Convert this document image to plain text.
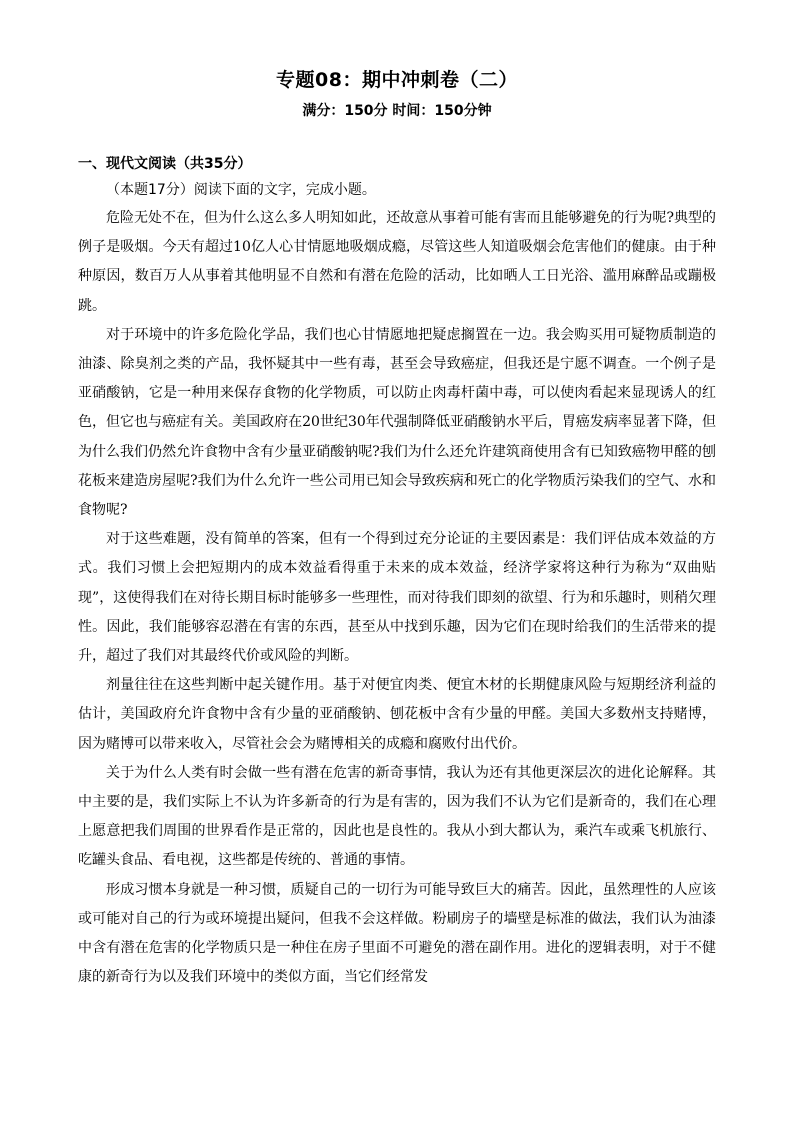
专题08：期中冲刺卷（二）
满分：150分 时间：150分钟
一、现代文阅读（共35分）
（本题17分）阅读下面的文字，完成小题。

危险无处不在，但为什么这么多人明知如此，还故意从事着可能有害而且能够避免的行为呢?典型的例子是吸烟。今天有超过10亿人心甘情愿地吸烟成瘾，尽管这些人知道吸烟会危害他们的健康。由于种种原因，数百万人从事着其他明显不自然和有潜在危险的活动，比如晒人工日光浴、滥用麻醉品或蹦极跳。

对于环境中的许多危险化学品，我们也心甘情愿地把疑虑搁置在一边。我会购买用可疑物质制造的油漆、除臭剂之类的产品，我怀疑其中一些有毒，甚至会导致癌症，但我还是宁愿不调查。一个例子是亚硝酸钠，它是一种用来保存食物的化学物质，可以防止肉毒杆菌中毒，可以使肉看起来显现诱人的红色，但它也与癌症有关。美国政府在20世纪30年代强制降低亚硝酸钠水平后，胃癌发病率显著下降，但为什么我们仍然允许食物中含有少量亚硝酸钠呢?我们为什么还允许建筑商使用含有已知致癌物甲醛的刨花板来建造房屋呢?我们为什么允许一些公司用已知会导致疾病和死亡的化学物质污染我们的空气、水和食物呢?

对于这些难题，没有简单的答案，但有一个得到过充分论证的主要因素是：我们评估成本效益的方式。我们习惯上会把短期内的成本效益看得重于未来的成本效益，经济学家将这种行为称为“双曲贴现”，这使得我们在对待长期目标时能够多一些理性，而对待我们即刻的欲望、行为和乐趣时，则稍欠理性。因此，我们能够容忍潜在有害的东西，甚至从中找到乐趣，因为它们在现时给我们的生活带来的提升，超过了我们对其最终代价或风险的判断。

剂量往往在这些判断中起关键作用。基于对便宜肉类、便宜木材的长期健康风险与短期经济利益的估计，美国政府允许食物中含有少量的亚硝酸钠、刨花板中含有少量的甲醛。美国大多数州支持赌博，因为赌博可以带来收入，尽管社会会为赌博相关的成瘾和腐败付出代价。

关于为什么人类有时会做一些有潜在危害的新奇事情，我认为还有其他更深层次的进化论解释。其中主要的是，我们实际上不认为许多新奇的行为是有害的，因为我们不认为它们是新奇的，我们在心理上愿意把我们周围的世界看作是正常的，因此也是良性的。我从小到大都认为，乘汽车或乘飞机旅行、吃罐头食品、看电视，这些都是传统的、普通的事情。

形成习惯本身就是一种习惯，质疑自己的一切行为可能导致巨大的痛苦。因此，虽然理性的人应该或可能对自己的行为或环境提出疑问，但我不会这样做。粉刷房子的墙壁是标准的做法，我们认为油漆中含有潜在危害的化学物质只是一种住在房子里面不可避免的潜在副作用。进化的逻辑表明，对于不健康的新奇行为以及我们环境中的类似方面，当它们经常发
